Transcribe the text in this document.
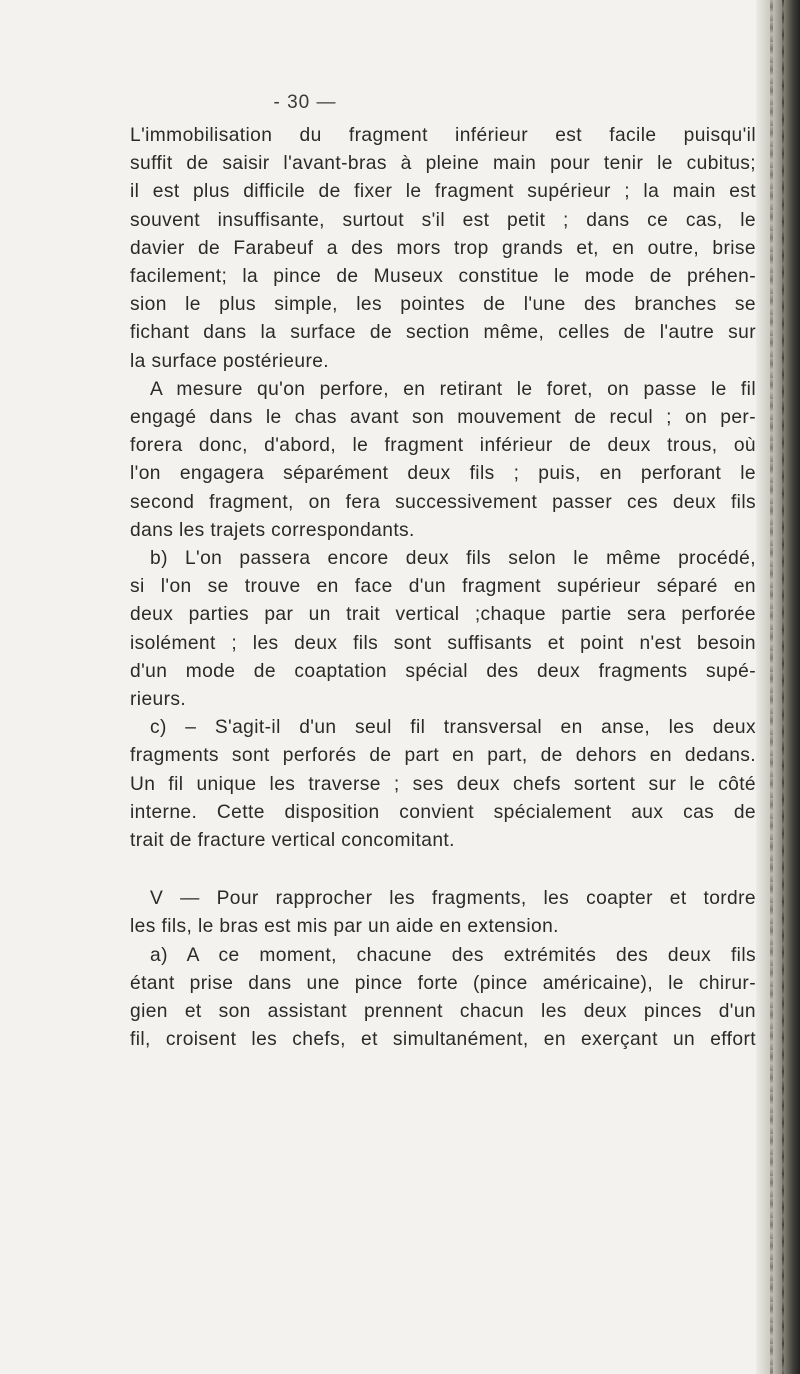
- 30 —

L'immobilisation du fragment inférieur est facile puisqu'il
suffit de saisir l'avant-bras à pleine main pour tenir le cubitus;
il est plus difficile de fixer le fragment supérieur ; la main est
souvent insuffisante, surtout s'il est petit ; dans ce cas, le
davier de Farabeuf a des mors trop grands et, en outre, brise
facilement; la pince de Museux constitue le mode de préhen-
sion le plus simple, les pointes de l'une des branches se
fichant dans la surface de section même, celles de l'autre sur
la surface postérieure.

A mesure qu'on perfore, en retirant le foret, on passe le fil
engagé dans le chas avant son mouvement de recul ; on per-
forera donc, d'abord, le fragment inférieur de deux trous, où
l'on engagera séparément deux fils ; puis, en perforant le
second fragment, on fera successivement passer ces deux fils
dans les trajets correspondants.

b) L'on passera encore deux fils selon le même procédé,
si l'on se trouve en face d'un fragment supérieur séparé en
deux parties par un trait vertical ;chaque partie sera perforée
isolément ; les deux fils sont suffisants et point n'est besoin
d'un mode de coaptation spécial des deux fragments supé-
rieurs.

c) – S'agit-il d'un seul fil transversal en anse, les deux
fragments sont perforés de part en part, de dehors en dedans.
Un fil unique les traverse ; ses deux chefs sortent sur le côté
interne. Cette disposition convient spécialement aux cas de
trait de fracture vertical concomitant.

V — Pour rapprocher les fragments, les coapter et tordre
les fils, le bras est mis par un aide en extension.
a) A ce moment, chacune des extrémités des deux fils
étant prise dans une pince forte (pince américaine), le chirur-
gien et son assistant prennent chacun les deux pinces d'un
fil, croisent les chefs, et simultanément, en exerçant un effort
